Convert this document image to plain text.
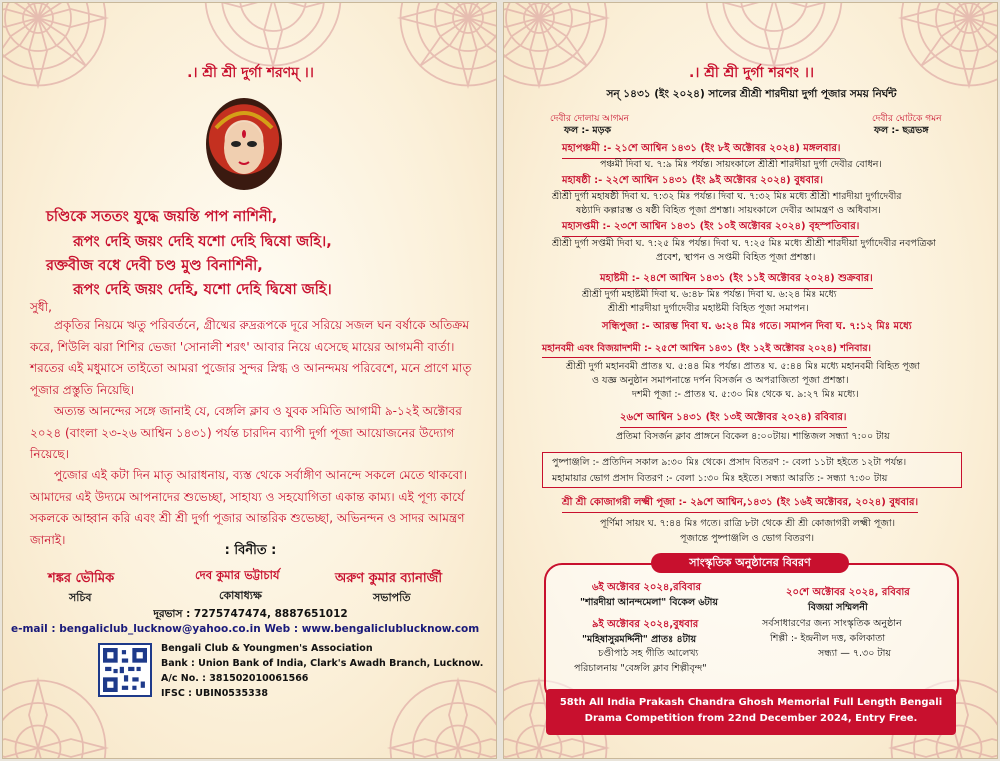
.। শ্রী শ্রী দুর্গা শরণম্ ।।
চণ্ডিকে সততং যুদ্ধে জয়ন্তি পাপ নাশিনী,
রূপং দেহি জয়ং দেহি যশো দেহি দ্বিষো জহি।,
রক্তবীজ বধে দেবী চণ্ড মুণ্ড বিনাশিনী,
রূপং দেহি জয়ং দেহি, যশো দেহি দ্বিষো জহি।
সুধী,
প্রকৃতির নিয়মে ঋতু পরিবর্তনে, গ্রীষ্মের রুদ্ররূপকে দূরে সরিয়ে সজল ঘন বর্ষাকে অতিক্রম করে, শিউলি ঝরা শিশির ভেজা 'সোনালী শরৎ' আবার নিয়ে এসেছে মায়ের আগমনী বার্তা। শরতের এই মধুমাসে তাইতো আমরা পুজোর সুন্দর স্নিগ্ধ ও আনন্দময় পরিবেশে, মনে প্রাণে মাতৃ পূজার প্রস্তুতি নিয়েছি।
অত্যন্ত আনন্দের সঙ্গে জানাই যে, বেঙ্গলি ক্লাব ও যুবক সমিতি আগামী ৯-১২ই অক্টোবর ২০২৪ (বাংলা ২৩-২৬ আশ্বিন ১৪৩১) পর্যন্ত চারদিন ব্যাপী দুর্গা পূজা আয়োজনের উদ্যোগ নিয়েছে।
পুজোর এই কটা দিন মাতৃ আরাধনায়, ব্যস্ত থেকে সর্বাঙ্গীণ আনন্দে সকলে মেতে থাকবো। আমাদের এই উদ্যমে আপনাদের শুভেচ্ছা, সাহায্য ও সহযোগিতা একান্ত কাম্য। এই পূণ্য কার্যে সকলকে আহ্বান করি এবং শ্রী শ্রী দুর্গা পূজার আন্তরিক শুভেচ্ছা, অভিনন্দন ও সাদর আমন্ত্রণ জানাই।
: বিনীত :
শঙ্কর ভৌমিক
সচিব
দেব কুমার ভট্টাচার্য
কোষাধ্যক্ষ
অরুণ কুমার ব্যানার্জী
সভাপতি
দূরভাস : 7275747474, 8887651012
e-mail : bengaliclub_lucknow@yahoo.co.in Web : www.bengaliclublucknow.com
Bengali Club & Youngmen's Association
Bank : Union Bank of India, Clark's Awadh Branch, Lucknow.
A/c No. : 381502010061566
IFSC : UBIN0535338
.। শ্রী শ্রী দুর্গা শরণং ।।
সন্ ১৪৩১ (ইং ২০২৪) সালের শ্রীশ্রী শারদীয়া দুর্গা পূজার সময় নির্ঘন্ট
দেবীর দোলায় আগমন
ফল :- মড়ক
দেবীর ঘোটকে গমন
ফল :- ছত্রভঙ্গ
মহাপঞ্চমী :- ২১শে আশ্বিন ১৪৩১ (ইং ৮ই অক্টোবর ২০২৪) মঙ্গলবার।
পঞ্চমী দিবা ঘ. ৭:৯ মিঃ পর্যন্ত। সায়ংকালে শ্রীশ্রী শারদীয়া দুর্গা দেবীর বোধন।
মহাষষ্ঠী :- ২২শে আশ্বিন ১৪৩১ (ইং ৯ই অক্টোবর ২০২৪) বুধবার।
শ্রীশ্রী দুর্গা মহাষষ্ঠী দিবা ঘ. ৭:৩২ মিঃ পর্যন্ত। দিবা ঘ. ৭:৩২ মিঃ মধ্যে শ্রীশ্রী শারদীয়া দুর্গাদেবীর
ষষ্ঠ্যাদি কল্পারম্ভ ও ষষ্ঠী বিহিত পূজা প্রশস্তা। সায়ংকালে দেবীর আমন্ত্রণ ও অধিবাস।
মহাসপ্তমী :- ২৩শে আশ্বিন ১৪৩১ (ইং ১০ই অক্টোবর ২০২৪) বৃহস্পতিবার।
শ্রীশ্রী দুর্গা সপ্তমী দিবা ঘ. ৭:২৫ মিঃ পর্যন্ত। দিবা ঘ. ৭:২৫ মিঃ মধ্যে শ্রীশ্রী শারদীয়া দুর্গাদেবীর নবপত্রিকা
প্রবেশ, স্থাপন ও সপ্তমী বিহিত পূজা প্রশস্তা।
মহাষ্টমী :- ২৪শে আশ্বিন ১৪৩১ (ইং ১১ই অক্টোবর ২০২৪) শুক্রবার।
শ্রীশ্রী দুর্গা মহাষ্টমী দিবা ঘ. ৬:৪৮ মিঃ পর্যন্ত। দিবা ঘ. ৬:২৪ মিঃ মধ্যে
শ্রীশ্রী শারদীয়া দুর্গাদেবীর মহাষ্টমী বিহিত পূজা সমাপন।
সন্ধিপুজা :- আরম্ভ দিবা ঘ. ৬:২৪ মিঃ গতে। সমাপন দিবা ঘ. ৭:১২ মিঃ মধ্যে
মহানবমী এবং বিজয়াদশমী :- ২৫শে আশ্বিন ১৪৩১ (ইং ১২ই অক্টোবর ২০২৪) শনিবার।
শ্রীশ্রী দুর্গা মহানবমী প্রাতঃ ঘ. ৫:৪৪ মিঃ পর্যন্ত। প্রাতঃ ঘ. ৫:৪৪ মিঃ মধ্যে মহানবমী বিহিত পূজা
ও যজ্ঞ অনুষ্ঠান সমাপনান্তে দর্পন বিসর্জন ও অপরাজিতা পূজা প্রশস্তা।
দশমী পূজা :- প্রাতঃ ঘ. ৫:৩০ মিঃ থেকে ঘ. ৯:২৭ মিঃ মধ্যে।
২৬শে আশ্বিন ১৪৩১ (ইং ১৩ই অক্টোবর ২০২৪) রবিবার।
প্রতিমা বিসর্জন ক্লাব প্রাঙ্গনে বিকেল ৪:০০টায়। শান্তিজল সন্ধ্যা ৭:০০ টায়
পুষ্পাঞ্জলি :- প্রতিদিন সকাল ৯:৩০ মিঃ থেকে। প্রসাদ বিতরণ :- বেলা ১১টা হইতে ১২টা পর্যন্ত।
মহামায়ার ভোগ প্রসাদ বিতরণ :- বেলা ১:৩০ মিঃ হইতে। সন্ধ্যা আরতি :- সন্ধ্যা ৭:৩০ টায়
শ্রী শ্রী কোজাগরী লক্ষ্মী পূজা :- ২৯শে আশ্বিন,১৪৩১ (ইং ১৬ই অক্টোবর, ২০২৪) বুধবার।
পূর্ণিমা সায়ং ঘ. ৭:৪৪ মিঃ গতে। রাত্রি ৮টা থেকে শ্রী শ্রী কোজাগরী লক্ষ্মী পূজা।
পূজান্তে পুষ্পাঞ্জলি ও ভোগ বিতরণ।
সাংস্কৃতিক অনুষ্ঠানের বিবরণ
৬ই অক্টোবর ২০২৪,রবিবার
"শারদীয়া আনন্দমেলা" বিকেল ৬টায়
৯ই অক্টোবর ২০২৪,বুধবার
"মহিষাসুরমর্দ্দিনী" প্রাতঃ ৪টায়
চণ্ডীপাঠ সহ গীতি আলেখ্য
পরিচালনায় "বেঙ্গলি ক্লাব শিল্পীবৃন্দ"
২০শে অক্টোবর ২০২৪, রবিবার
বিজয়া সম্মিলনী
সর্বসাধারণের জন্য সাংস্কৃতিক অনুষ্ঠান
শিল্পী :- ইন্দ্রনীল দত্ত, কলিকাতা
সন্ধ্যা — ৭.৩০ টায়
58th All India Prakash Chandra Ghosh Memorial Full Length Bengali
Drama Competition from 22nd December 2024, Entry Free.
